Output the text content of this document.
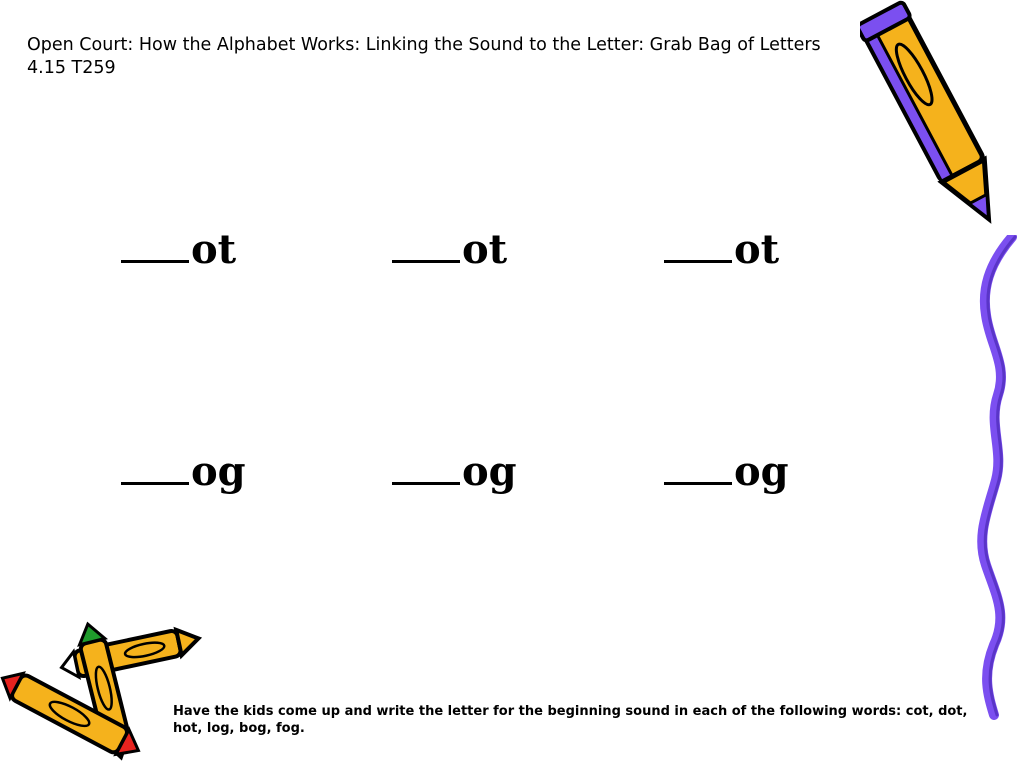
Open Court: How the Alphabet Works: Linking the Sound to the Letter: Grab Bag of Letters
4.15 T259
ot	ot	ot
og	og	og
Have the kids come up and write the letter for the beginning sound in each of the following words: cot, dot, hot, log, bog, fog.
